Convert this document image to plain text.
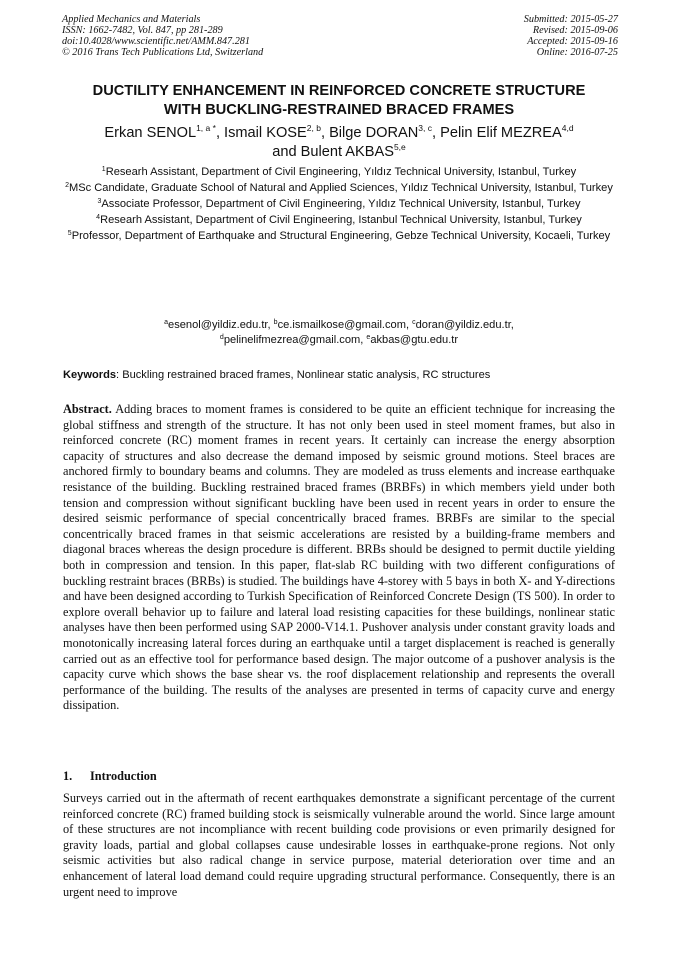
Applied Mechanics and Materials
ISSN: 1662-7482, Vol. 847, pp 281-289
doi:10.4028/www.scientific.net/AMM.847.281
© 2016 Trans Tech Publications Ltd, Switzerland
Submitted: 2015-05-27
Revised: 2015-09-06
Accepted: 2015-09-16
Online: 2016-07-25
DUCTILITY ENHANCEMENT IN REINFORCED CONCRETE STRUCTURE
WITH BUCKLING-RESTRAINED BRACED FRAMES
Erkan $SENOL^{1, a *}$, Ismail KOSE$^{2, b}$, Bilge DORAN$^{3, c}$, Pelin Elif MEZREA$^{4,d}$
and Bulent AKBAS$^{5,e}$
$^1$Researh Assistant, Department of Civil Engineering, Yıldız Technical University, Istanbul, Turkey
$^2$MSc Candidate, Graduate School of Natural and Applied Sciences, Yıldız Technical University, Istanbul, Turkey
$^3$Associate Professor, Department of Civil Engineering, Yıldız Technical University, Istanbul, Turkey
$^4$Researh Assistant, Department of Civil Engineering, Istanbul Technical University, Istanbul, Turkey
$^5$Professor, Department of Earthquake and Structural Engineering, Gebze Technical University, Kocaeli, Turkey
$^a$esenol@yildiz.edu.tr, $^b$ce.ismailkose@gmail.com, $^c$doran@yildiz.edu.tr,
$^d$pelinelifmezrea@gmail.com, $^e$akbas@gtu.edu.tr
Keywords: Buckling restrained braced frames, Nonlinear static analysis, RC structures
Abstract. Adding braces to moment frames is considered to be quite an efficient technique for increasing the global stiffness and strength of the structure. It has not only been used in steel moment frames, but also in reinforced concrete (RC) moment frames in recent years. It certainly can increase the energy absorption capacity of structures and also decrease the demand imposed by seismic ground motions. Steel braces are anchored firmly to boundary beams and columns. They are modeled as truss elements and increase earthquake resistance of the building. Buckling restrained braced frames (BRBFs) in which members yield under both tension and compression without significant buckling have been used in recent years in order to ensure the desired seismic performance of special concentrically braced frames. BRBFs are similar to the special concentrically braced frames in that seismic accelerations are resisted by a building-frame members and diagonal braces whereas the design procedure is different. BRBs should be designed to permit ductile yielding both in compression and tension. In this paper, flat-slab RC building with two different configurations of buckling restraint braces (BRBs) is studied. The buildings have 4-storey with 5 bays in both X- and Y-directions and have been designed according to Turkish Specification of Reinforced Concrete Design (TS 500). In order to explore overall behavior up to failure and lateral load resisting capacities for these buildings, nonlinear static analyses have then been performed using SAP 2000-V14.1. Pushover analysis under constant gravity loads and monotonically increasing lateral forces during an earthquake until a target displacement is reached is generally carried out as an effective tool for performance based design. The major outcome of a pushover analysis is the capacity curve which shows the base shear vs. the roof displacement relationship and represents the overall performance of the building. The results of the analyses are presented in terms of capacity curve and energy dissipation.
1. Introduction
Surveys carried out in the aftermath of recent earthquakes demonstrate a significant percentage of the current reinforced concrete (RC) framed building stock is seismically vulnerable around the world. Since large amount of these structures are not incompliance with recent building code provisions or even primarily designed for gravity loads, partial and global collapses cause undesirable losses in earthquake-prone regions. Not only seismic activities but also radical change in service purpose, material deterioration over time and an enhancement of lateral load demand could require upgrading structural performance. Consequently, there is an urgent need to improve
